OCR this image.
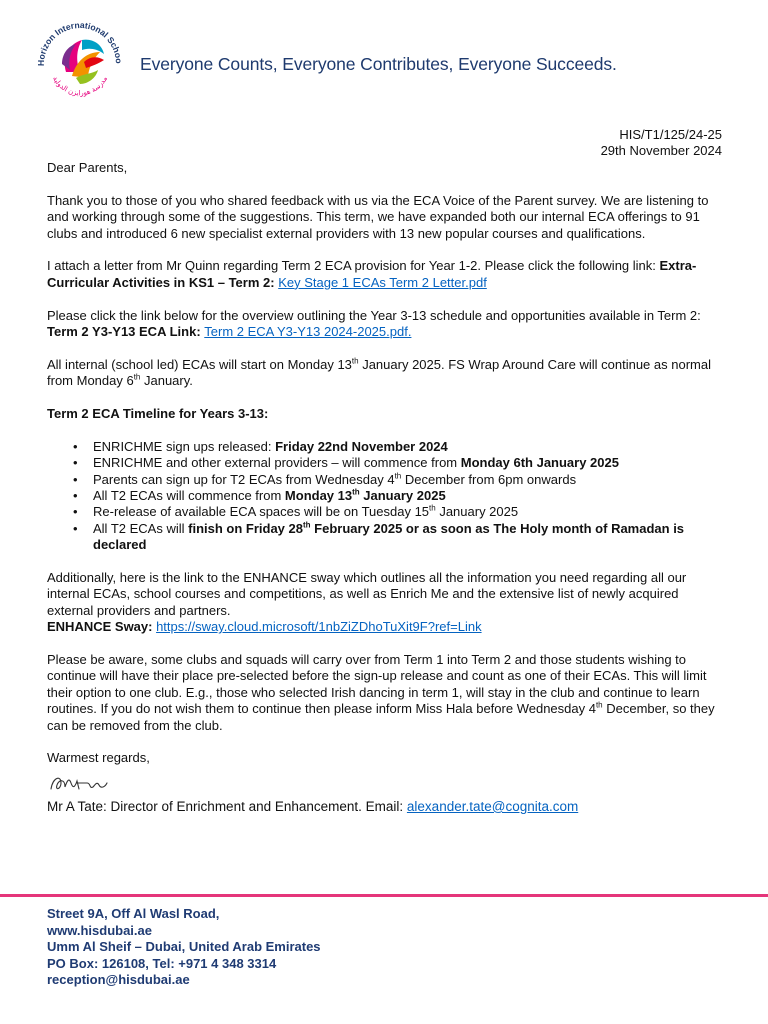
Horizon International Schoo
مدرسة هورايزن الدولية
Everyone Counts, Everyone Contributes, Everyone Succeeds.
HIS/T1/125/24-25
29th November 2024

Dear Parents,

Thank you to those of you who shared feedback with us via the ECA Voice of the Parent survey. We are listening to and working through some of the suggestions. This term, we have expanded both our internal ECA offerings to 91 clubs and introduced 6 new specialist external providers with 13 new popular courses and qualifications.

I attach a letter from Mr Quinn regarding Term 2 ECA provision for Year 1-2. Please click the following link: Extra-Curricular Activities in KS1 – Term 2: Key Stage 1 ECAs Term 2 Letter.pdf

Please click the link below for the overview outlining the Year 3-13 schedule and opportunities available in Term 2:
Term 2 Y3-Y13 ECA Link: Term 2 ECA Y3-Y13 2024-2025.pdf.

All internal (school led) ECAs will start on Monday 13th January 2025. FS Wrap Around Care will continue as normal from Monday 6th January.

Term 2 ECA Timeline for Years 3-13:

• ENRICHME sign ups released: Friday 22nd November 2024
• ENRICHME and other external providers – will commence from Monday 6th January 2025
• Parents can sign up for T2 ECAs from Wednesday 4th December from 6pm onwards
• All T2 ECAs will commence from Monday 13th January 2025
• Re-release of available ECA spaces will be on Tuesday 15th January 2025
• All T2 ECAs will finish on Friday 28th February 2025 or as soon as The Holy month of Ramadan is declared

Additionally, here is the link to the ENHANCE sway which outlines all the information you need regarding all our internal ECAs, school courses and competitions, as well as Enrich Me and the extensive list of newly acquired external providers and partners.
ENHANCE Sway: https://sway.cloud.microsoft/1nbZiZDhoTuXit9F?ref=Link

Please be aware, some clubs and squads will carry over from Term 1 into Term 2 and those students wishing to continue will have their place pre-selected before the sign-up release and count as one of their ECAs. This will limit their option to one club. E.g., those who selected Irish dancing in term 1, will stay in the club and continue to learn routines. If you do not wish them to continue then please inform Miss Hala before Wednesday 4th December, so they can be removed from the club.

Warmest regards,
Mr A Tate: Director of Enrichment and Enhancement. Email: alexander.tate@cognita.com
Street 9A, Off Al Wasl Road,
www.hisdubai.ae
Umm Al Sheif – Dubai, United Arab Emirates
PO Box: 126108, Tel: +971 4 348 3314
reception@hisdubai.ae
